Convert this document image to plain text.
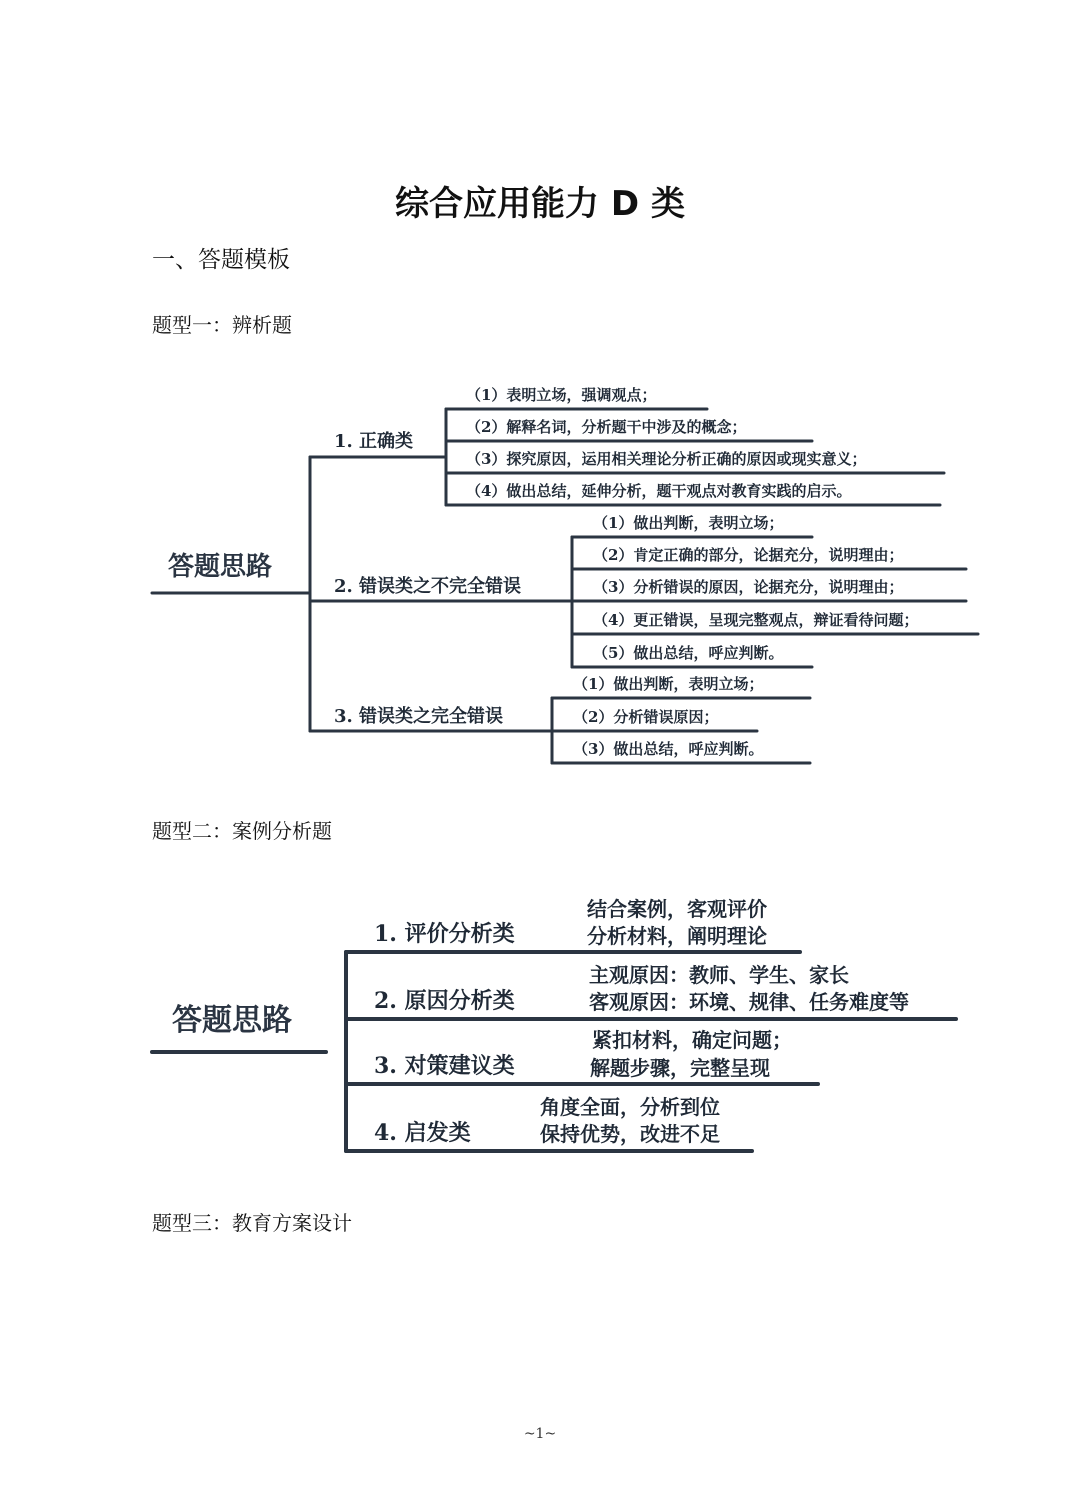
综合应用能力 D 类
一、答题模板
题型一：辨析题
题型二：案例分析题
题型三：教育方案设计
答题思路
1. 正确类
2. 错误类之不完全错误
3. 错误类之完全错误
（1）表明立场，强调观点；
（2）解释名词，分析题干中涉及的概念；
（3）探究原因，运用相关理论分析正确的原因或现实意义；
（4）做出总结，延伸分析，题干观点对教育实践的启示。
（1）做出判断，表明立场；
（2）肯定正确的部分，论据充分，说明理由；
（3）分析错误的原因，论据充分，说明理由；
（4）更正错误，呈现完整观点，辩证看待问题；
（5）做出总结，呼应判断。
（1）做出判断，表明立场；
（2）分析错误原因；
（3）做出总结，呼应判断。
答题思路
1. 评价分析类
2. 原因分析类
3. 对策建议类
4. 启发类
结合案例，客观评价
分析材料，阐明理论
主观原因：教师、学生、家长
客观原因：环境、规律、任务难度等
紧扣材料，确定问题；
解题步骤，完整呈现
角度全面，分析到位
保持优势，改进不足
~1~
